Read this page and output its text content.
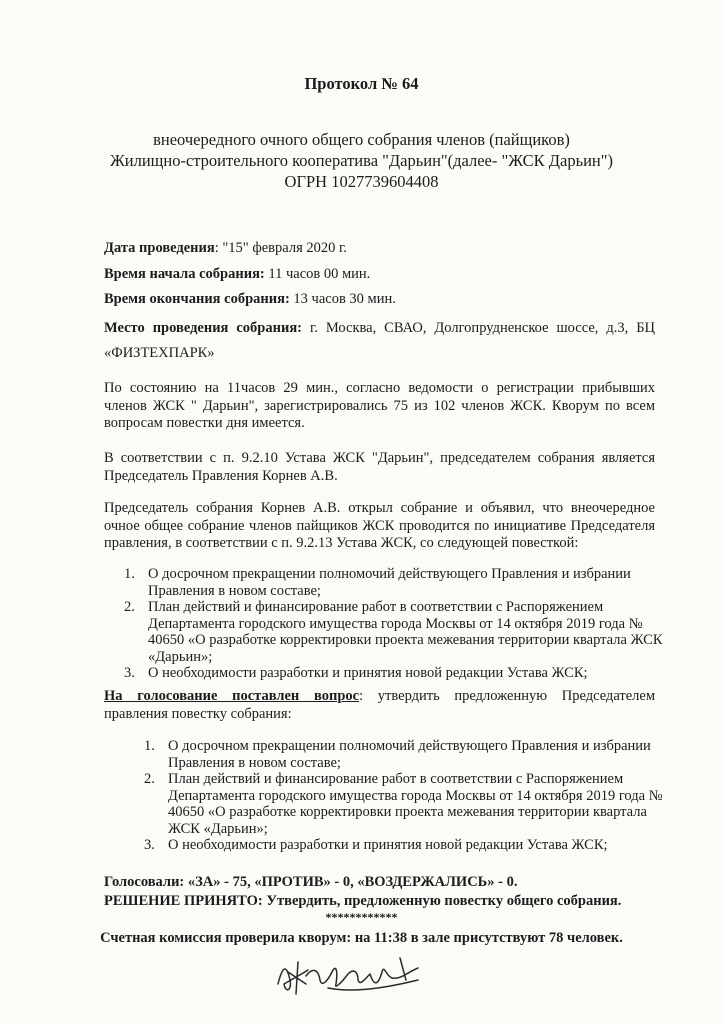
Протокол № 64
внеочередного очного общего собрания членов (пайщиков)
Жилищно-строительного кооператива "Дарьин"(далее- "ЖСК Дарьин")
ОГРН 1027739604408
Дата проведения: "15" февраля 2020 г.
Время начала собрания: 11 часов 00 мин.
Время окончания собрания: 13 часов 30 мин.
Место проведения собрания: г. Москва, СВАО, Долгопрудненское шоссе, д.3, БЦ «ФИЗТЕХПАРК»
По состоянию на 11часов 29 мин., согласно ведомости о регистрации прибывших членов ЖСК " Дарьин", зарегистрировались 75 из 102 членов ЖСК. Кворум по всем вопросам повестки дня имеется.
В соответствии с п. 9.2.10 Устава ЖСК "Дарьин", председателем собрания является Председатель Правления Корнев А.В.
Председатель собрания Корнев А.В. открыл собрание и объявил, что внеочередное очное общее собрание членов пайщиков ЖСК проводится по инициативе Председателя правления, в соответствии с п. 9.2.13 Устава ЖСК, со следующей повесткой:
1. О досрочном прекращении полномочий действующего Правления и избрании Правления в новом составе;
2. План действий и финансирование работ в соответствии с Распоряжением Департамента городского имущества города Москвы от 14 октября 2019 года № 40650 «О разработке корректировки проекта межевания территории квартала ЖСК «Дарьин»;
3. О необходимости разработки и принятия новой редакции Устава ЖСК;
На голосование поставлен вопрос: утвердить предложенную Председателем правления повестку собрания:
1. О досрочном прекращении полномочий действующего Правления и избрании Правления в новом составе;
2. План действий и финансирование работ в соответствии с Распоряжением Департамента городского имущества города Москвы от 14 октября 2019 года № 40650 «О разработке корректировки проекта межевания территории квартала ЖСК «Дарьин»;
3. О необходимости разработки и принятия новой редакции Устава ЖСК;
Голосовали: «ЗА» - 75, «ПРОТИВ» - 0, «ВОЗДЕРЖАЛИСЬ» - 0.
РЕШЕНИЕ ПРИНЯТО: Утвердить, предложенную повестку общего собрания.
************
Счетная комиссия проверила кворум: на 11:38 в зале присутствуют 78 человек.
